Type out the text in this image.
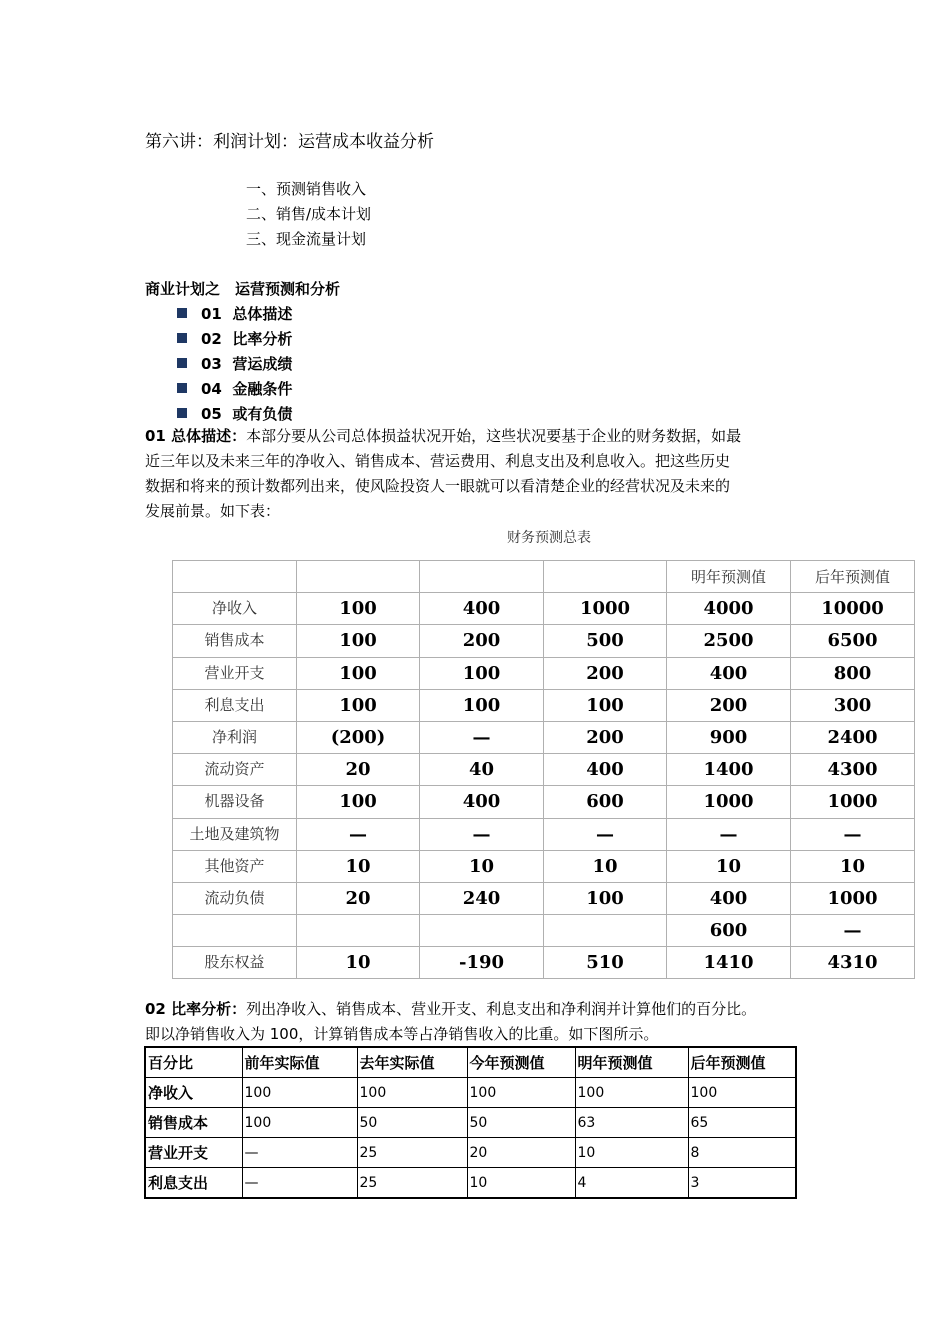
第六讲：利润计划：运营成本收益分析
一、预测销售收入
二、销售/成本计划
三、现金流量计划
商业计划之　运营预测和分析
01  总体描述
02  比率分析
03  营运成绩
04  金融条件
05  或有负债
01 总体描述：本部分要从公司总体损益状况开始，这些状况要基于企业的财务数据，如最
近三年以及未来三年的净收入、销售成本、营运费用、利息支出及利息收入。把这些历史
数据和将来的预计数都列出来，使风险投资人一眼就可以看清楚企业的经营状况及未来的
发展前景。如下表：
财务预测总表
				明年预测值	后年预测值
净收入	100	400	1000	4000	10000
销售成本	100	200	500	2500	6500
营业开支	100	100	200	400	800
利息支出	100	100	100	200	300
净利润	(200)	—	200	900	2400
流动资产	20	40	400	1400	4300
机器设备	100	400	600	1000	1000
土地及建筑物	—	—	—	—	—
其他资产	10	10	10	10	10
流动负债	20	240	100	400	1000
				600	—
股东权益	10	-190	510	1410	4310
02 比率分析：列出净收入、销售成本、营业开支、利息支出和净利润并计算他们的百分比。
即以净销售收入为 100，计算销售成本等占净销售收入的比重。如下图所示。
百分比	前年实际值	去年实际值	今年预测值	明年预测值	后年预测值
净收入	100	100	100	100	100
销售成本	100	50	50	63	65
营业开支	—	25	20	10	8
利息支出	—	25	10	4	3
